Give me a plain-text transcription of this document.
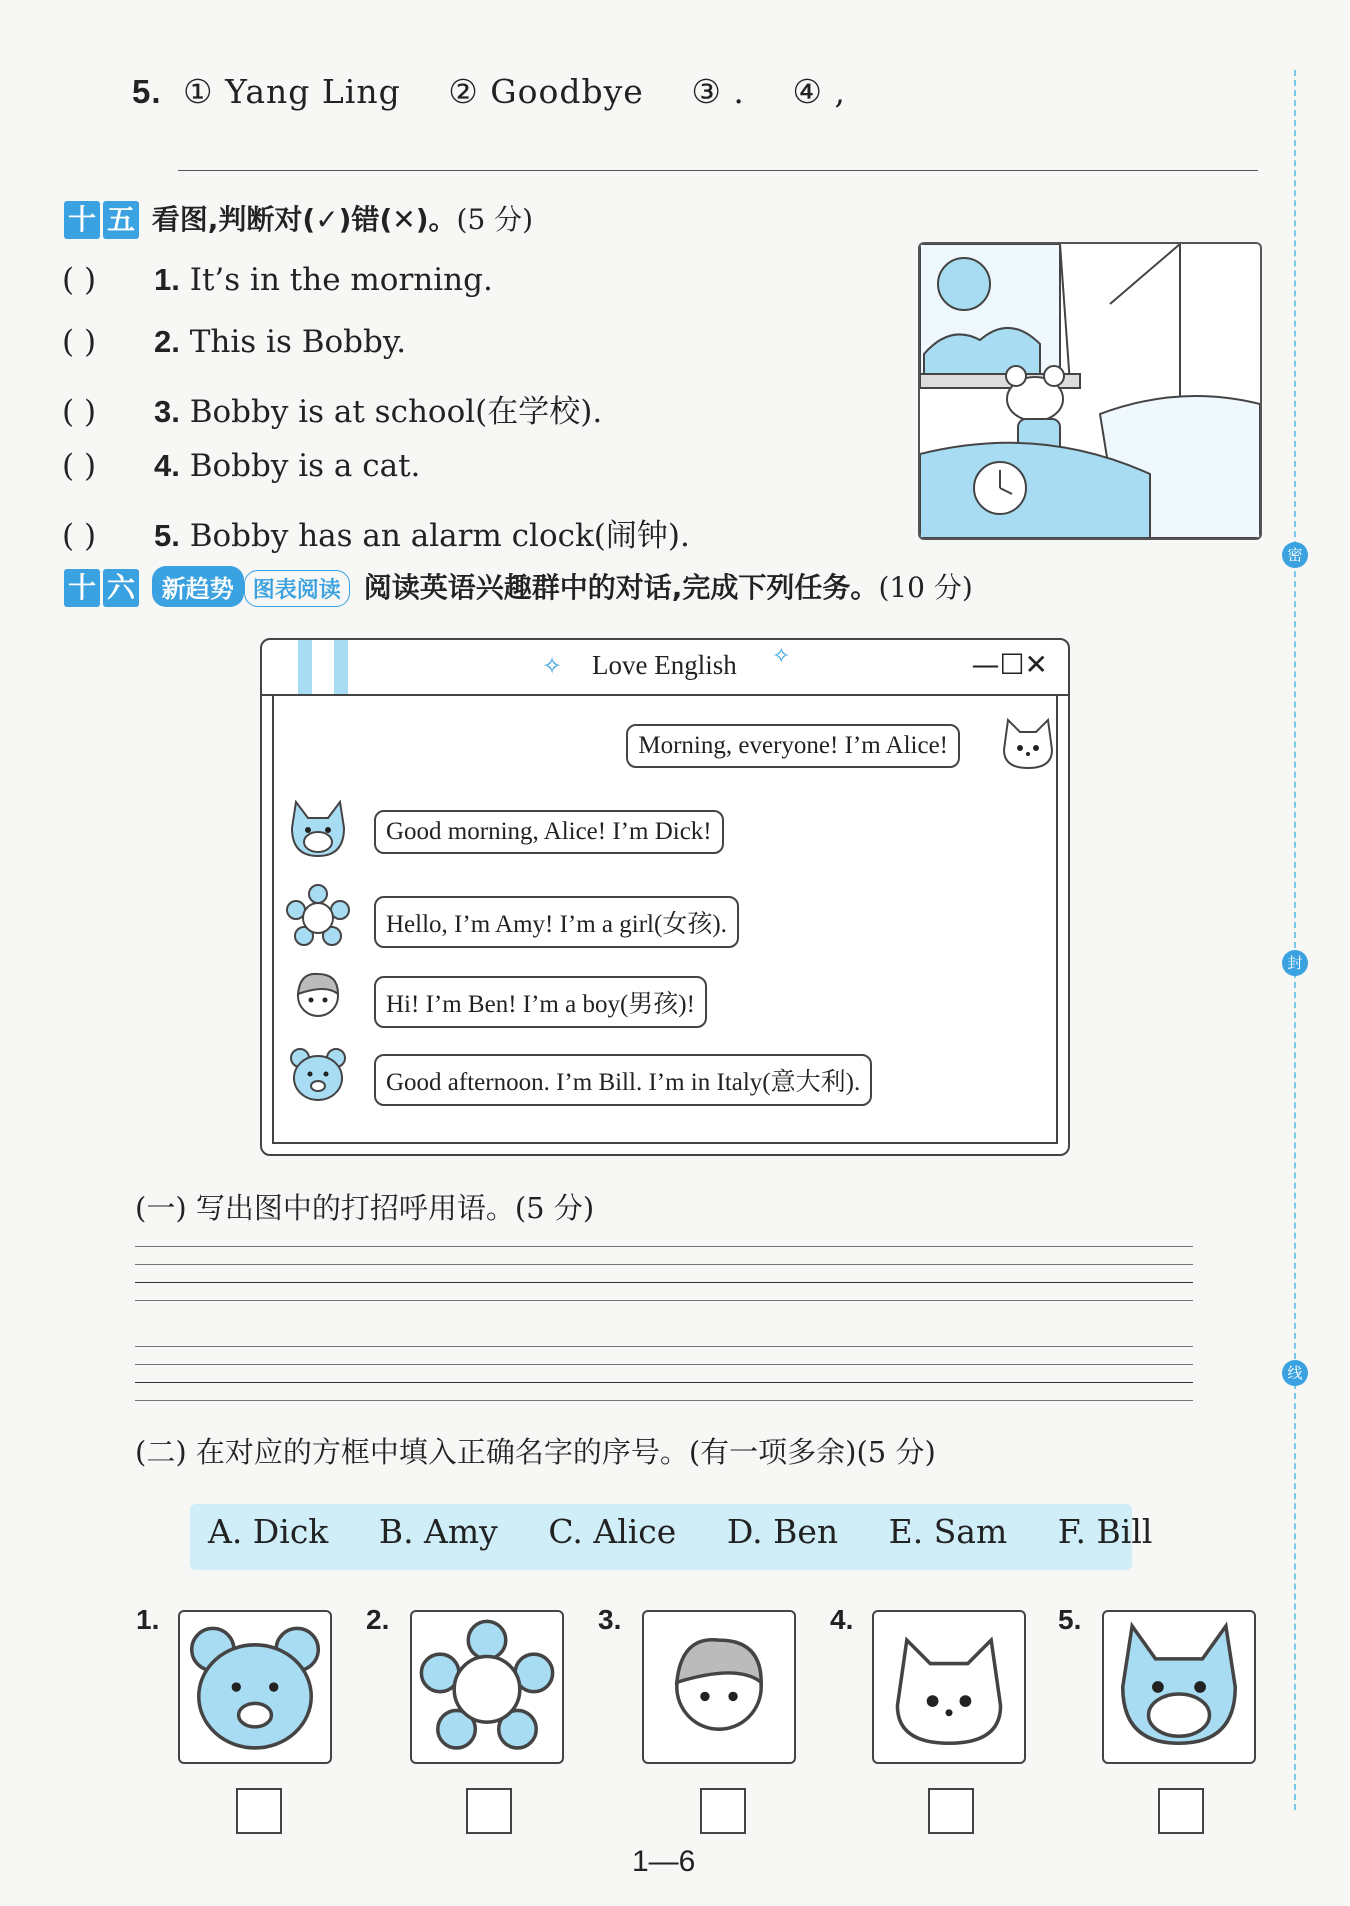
5. ① Yang Ling ② Goodbye ③ . ④ ,
十 五 看图,判断对(✓)错(✕)。(5 分)
( ) 1. It’s in the morning.
( ) 2. This is Bobby.
( ) 3. Bobby is at school(在学校).
( ) 4. Bobby is a cat.
( ) 5. Bobby has an alarm clock(闹钟).
十 六 新趋势 图表阅读 阅读英语兴趣群中的对话,完成下列任务。(10 分)
✧ Love English ✧	—☐✕
Morning, everyone! I’m Alice!
Good morning, Alice! I’m Dick!
Hello, I’m Amy! I’m a girl(女孩).
Hi! I’m Ben! I’m a boy(男孩)!
Good afternoon. I’m Bill. I’m in Italy(意大利).
(一) 写出图中的打招呼用语。(5 分)
(二) 在对应的方框中填入正确名字的序号。(有一项多余)(5 分)
A. Dick B. Amy C. Alice D. Ben E. Sam F. Bill
1.	2.	3.	4.	5.
1—6
密
封
线
